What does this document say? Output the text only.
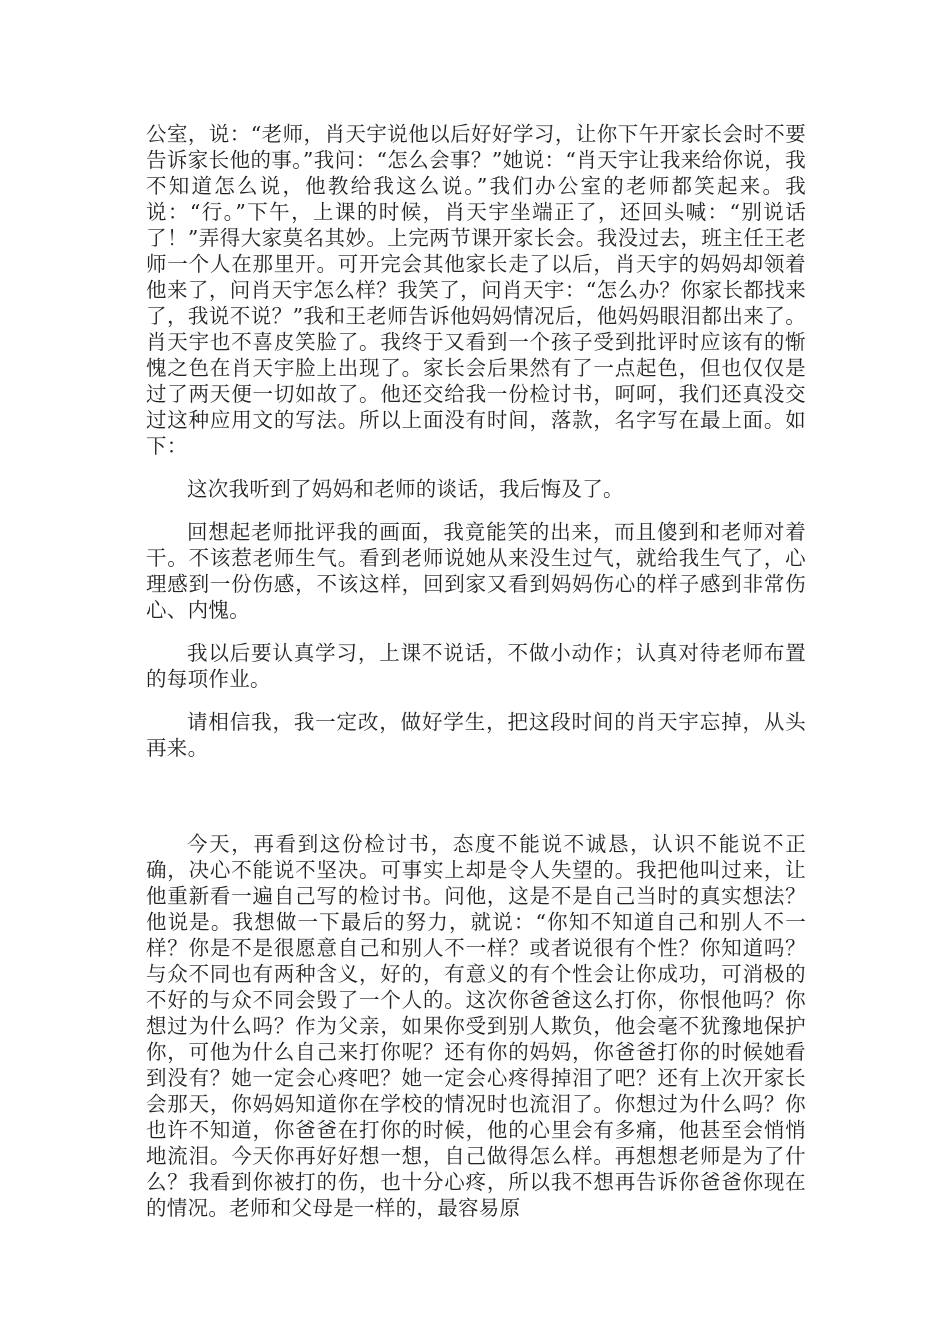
公室，说：“老师，肖天宇说他以后好好学习，让你下午开家长会时不要告诉家长他的事。”我问：“怎么会事？”她说：“肖天宇让我来给你说，我不知道怎么说，他教给我这么说。”我们办公室的老师都笑起来。我说：“行。”下午，上课的时候，肖天宇坐端正了，还回头喊：“别说话了！”弄得大家莫名其妙。上完两节课开家长会。我没过去，班主任王老师一个人在那里开。可开完会其他家长走了以后，肖天宇的妈妈却领着他来了，问肖天宇怎么样？我笑了，问肖天宇：“怎么办？你家长都找来了，我说不说？”我和王老师告诉他妈妈情况后，他妈妈眼泪都出来了。肖天宇也不喜皮笑脸了。我终于又看到一个孩子受到批评时应该有的惭愧之色在肖天宇脸上出现了。家长会后果然有了一点起色，但也仅仅是过了两天便一切如故了。他还交给我一份检讨书，呵呵，我们还真没交过这种应用文的写法。所以上面没有时间，落款，名字写在最上面。如下：

这次我听到了妈妈和老师的谈话，我后悔及了。

回想起老师批评我的画面，我竟能笑的出来，而且傻到和老师对着干。不该惹老师生气。看到老师说她从来没生过气，就给我生气了，心理感到一份伤感，不该这样，回到家又看到妈妈伤心的样子感到非常伤心、内愧。

我以后要认真学习，上课不说话，不做小动作；认真对待老师布置的每项作业。

请相信我，我一定改，做好学生，把这段时间的肖天宇忘掉，从头再来。

今天，再看到这份检讨书，态度不能说不诚恳，认识不能说不正确，决心不能说不坚决。可事实上却是令人失望的。我把他叫过来，让他重新看一遍自己写的检讨书。问他，这是不是自己当时的真实想法？他说是。我想做一下最后的努力，就说：“你知不知道自己和别人不一样？你是不是很愿意自己和别人不一样？或者说很有个性？你知道吗？与众不同也有两种含义，好的，有意义的有个性会让你成功，可消极的不好的与众不同会毁了一个人的。这次你爸爸这么打你，你恨他吗？你想过为什么吗？作为父亲，如果你受到别人欺负，他会毫不犹豫地保护你，可他为什么自己来打你呢？还有你的妈妈，你爸爸打你的时候她看到没有？她一定会心疼吧？她一定会心疼得掉泪了吧？还有上次开家长会那天，你妈妈知道你在学校的情况时也流泪了。你想过为什么吗？你也许不知道，你爸爸在打你的时候，他的心里会有多痛，他甚至会悄悄地流泪。今天你再好好想一想，自己做得怎么样。再想想老师是为了什么？我看到你被打的伤，也十分心疼，所以我不想再告诉你爸爸你现在的情况。老师和父母是一样的，最容易原
